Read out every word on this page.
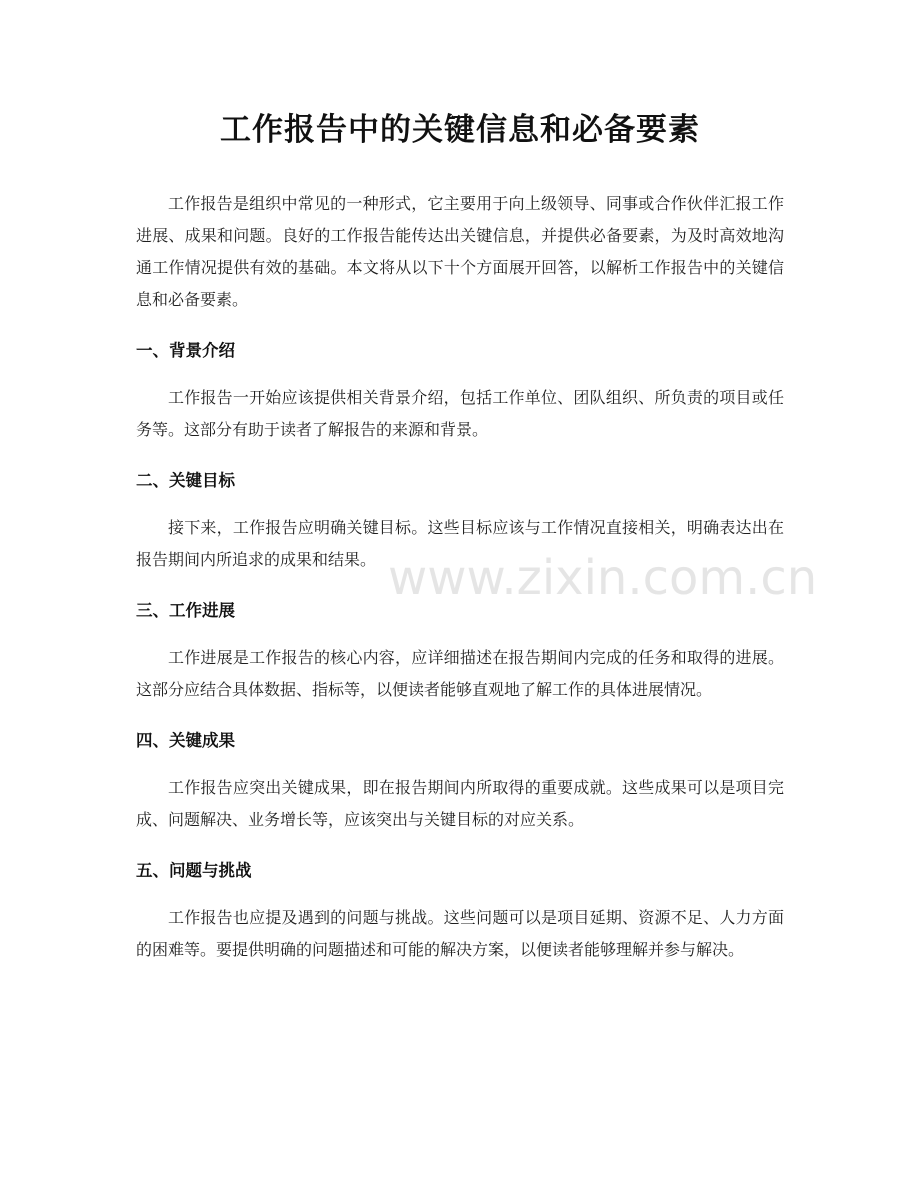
工作报告中的关键信息和必备要素

工作报告是组织中常见的一种形式，它主要用于向上级领导、同事或合作伙伴汇报工作进展、成果和问题。良好的工作报告能传达出关键信息，并提供必备要素，为及时高效地沟通工作情况提供有效的基础。本文将从以下十个方面展开回答，以解析工作报告中的关键信息和必备要素。

一、背景介绍

工作报告一开始应该提供相关背景介绍，包括工作单位、团队组织、所负责的项目或任务等。这部分有助于读者了解报告的来源和背景。

二、关键目标

接下来，工作报告应明确关键目标。这些目标应该与工作情况直接相关，明确表达出在报告期间内所追求的成果和结果。

三、工作进展

工作进展是工作报告的核心内容，应详细描述在报告期间内完成的任务和取得的进展。这部分应结合具体数据、指标等，以便读者能够直观地了解工作的具体进展情况。

四、关键成果

工作报告应突出关键成果，即在报告期间内所取得的重要成就。这些成果可以是项目完成、问题解决、业务增长等，应该突出与关键目标的对应关系。

五、问题与挑战

工作报告也应提及遇到的问题与挑战。这些问题可以是项目延期、资源不足、人力方面的困难等。要提供明确的问题描述和可能的解决方案，以便读者能够理解并参与解决。

www.zixin.com.cn
